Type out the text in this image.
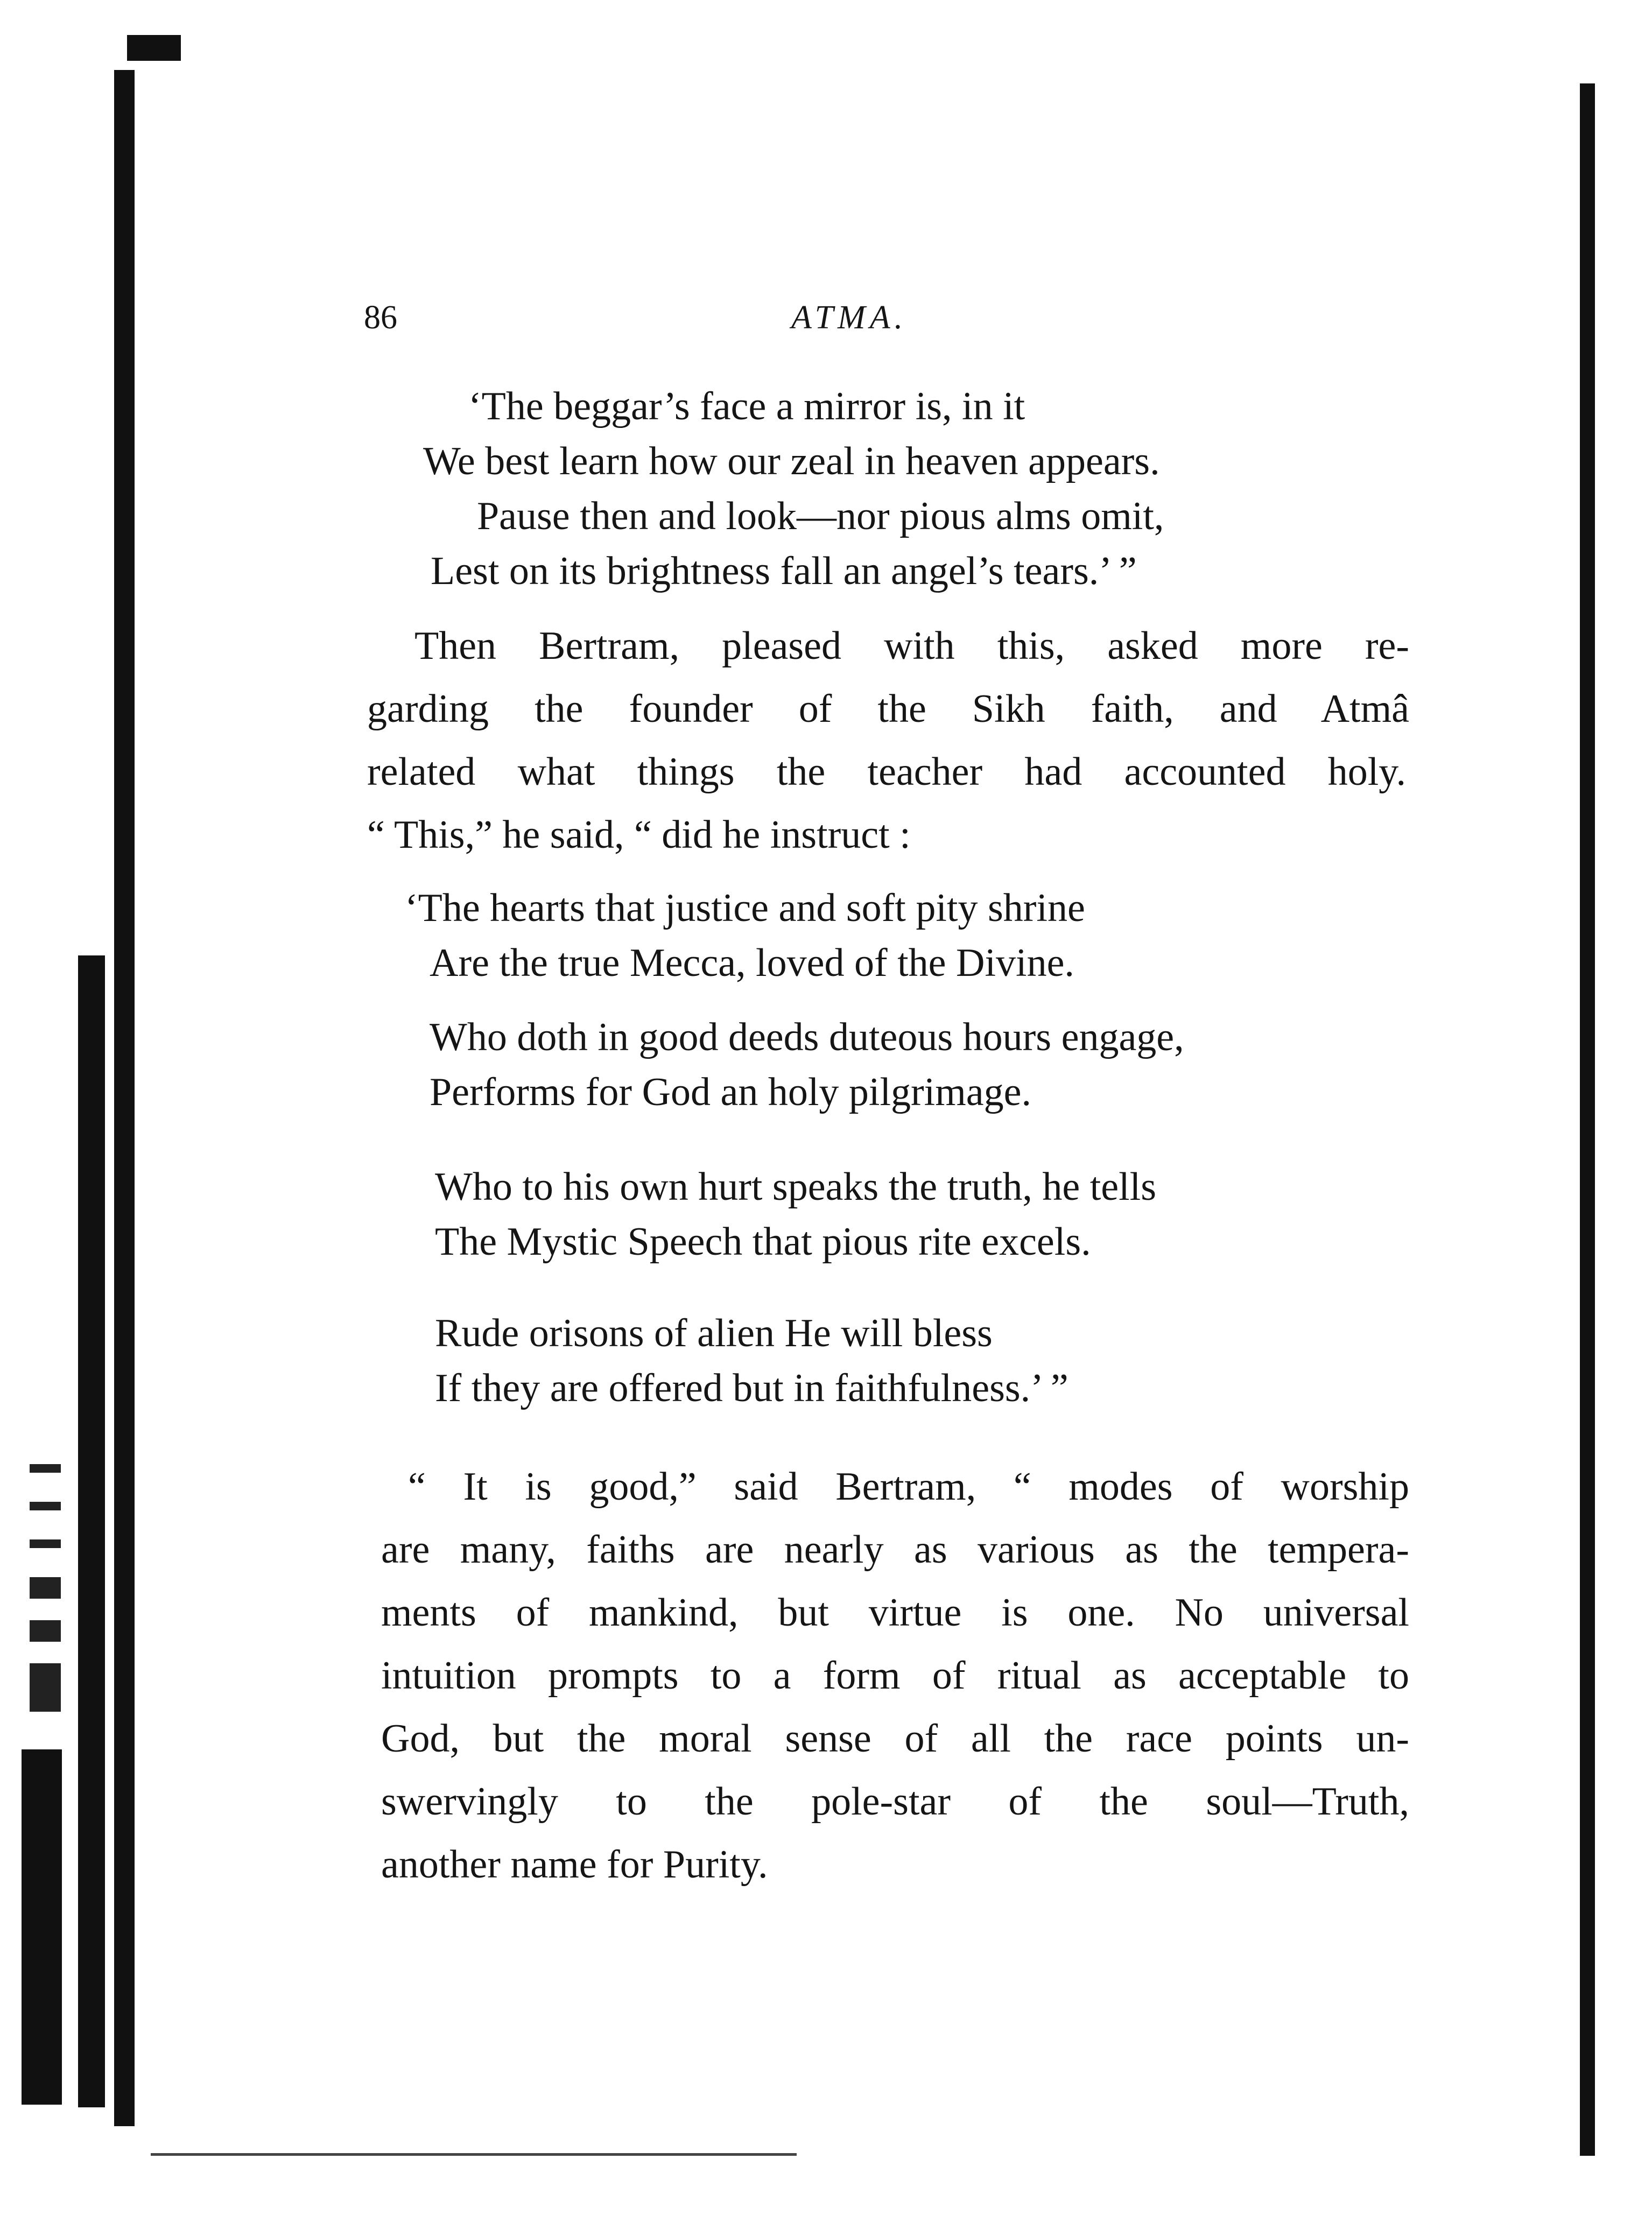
86	ATMA.
‘The beggar’s face a mirror is, in it
We best learn how our zeal in heaven appears.
Pause then and look—nor pious alms omit,
Lest on its brightness fall an angel’s tears.’ ”
Then Bertram, pleased with this, asked more re-
garding the founder of the Sikh faith, and Atmâ
related what things the teacher had accounted holy.
“ This,” he said, “ did he instruct :
‘The hearts that justice and soft pity shrine
Are the true Mecca, loved of the Divine.
Who doth in good deeds duteous hours engage,
Performs for God an holy pilgrimage.
Who to his own hurt speaks the truth, he tells
The Mystic Speech that pious rite excels.
Rude orisons of alien He will bless
If they are offered but in faithfulness.’ ”
“ It is good,” said Bertram, “ modes of worship
are many, faiths are nearly as various as the tempera-
ments of mankind, but virtue is one. No universal
intuition prompts to a form of ritual as acceptable to
God, but the moral sense of all the race points un-
swervingly to the pole-star of the soul—Truth,
another name for Purity.
